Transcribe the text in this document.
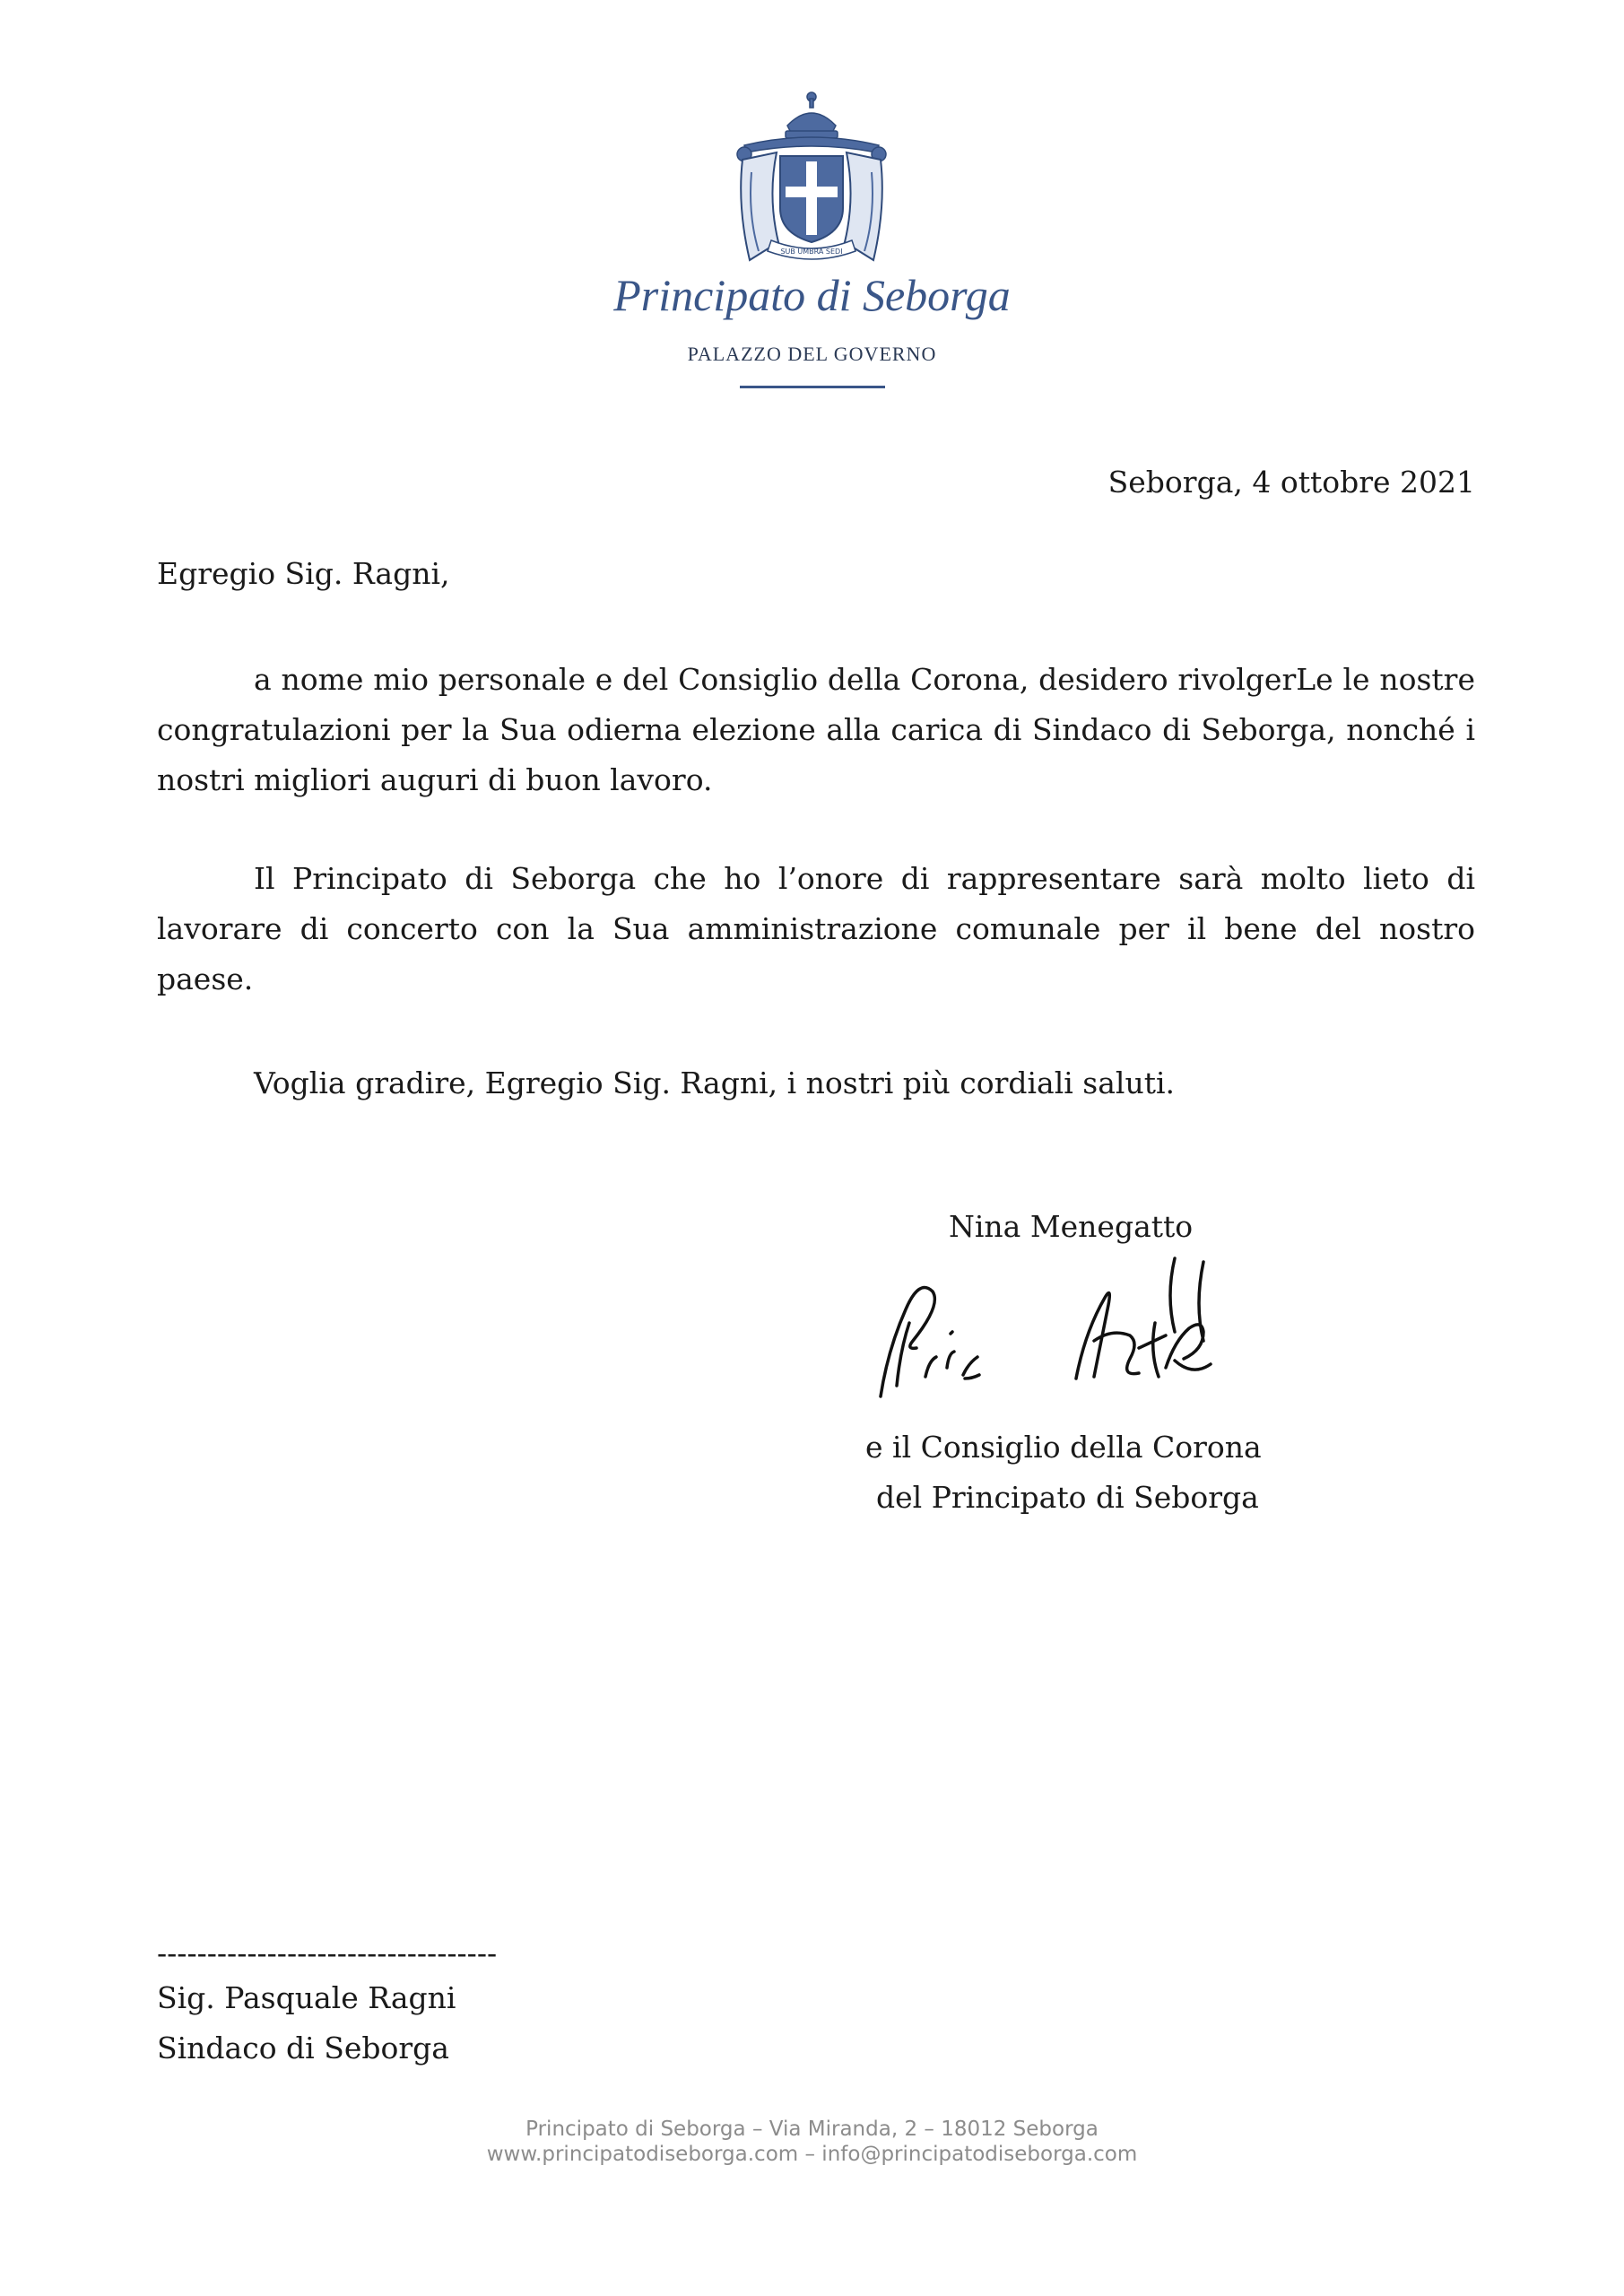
SUB UMBRA SEDI
Principato di Seborga
PALAZZO DEL GOVERNO
Seborga, 4 ottobre 2021
Egregio Sig. Ragni,
a nome mio personale e del Consiglio della Corona, desidero rivolgerLe le nostre congratulazioni per la Sua odierna elezione alla carica di Sindaco di Seborga, nonché i nostri migliori auguri di buon lavoro.
Il Principato di Seborga che ho l’onore di rappresentare sarà molto lieto di lavorare di concerto con la Sua amministrazione comunale per il bene del nostro paese.
Voglia gradire, Egregio Sig. Ragni, i nostri più cordiali saluti.
Nina Menegatto
e il Consiglio della Corona
del Principato di Seborga
----------------------------------
Sig. Pasquale Ragni
Sindaco di Seborga
Principato di Seborga – Via Miranda, 2 – 18012 Seborga
www.principatodiseborga.com – info@principatodiseborga.com
